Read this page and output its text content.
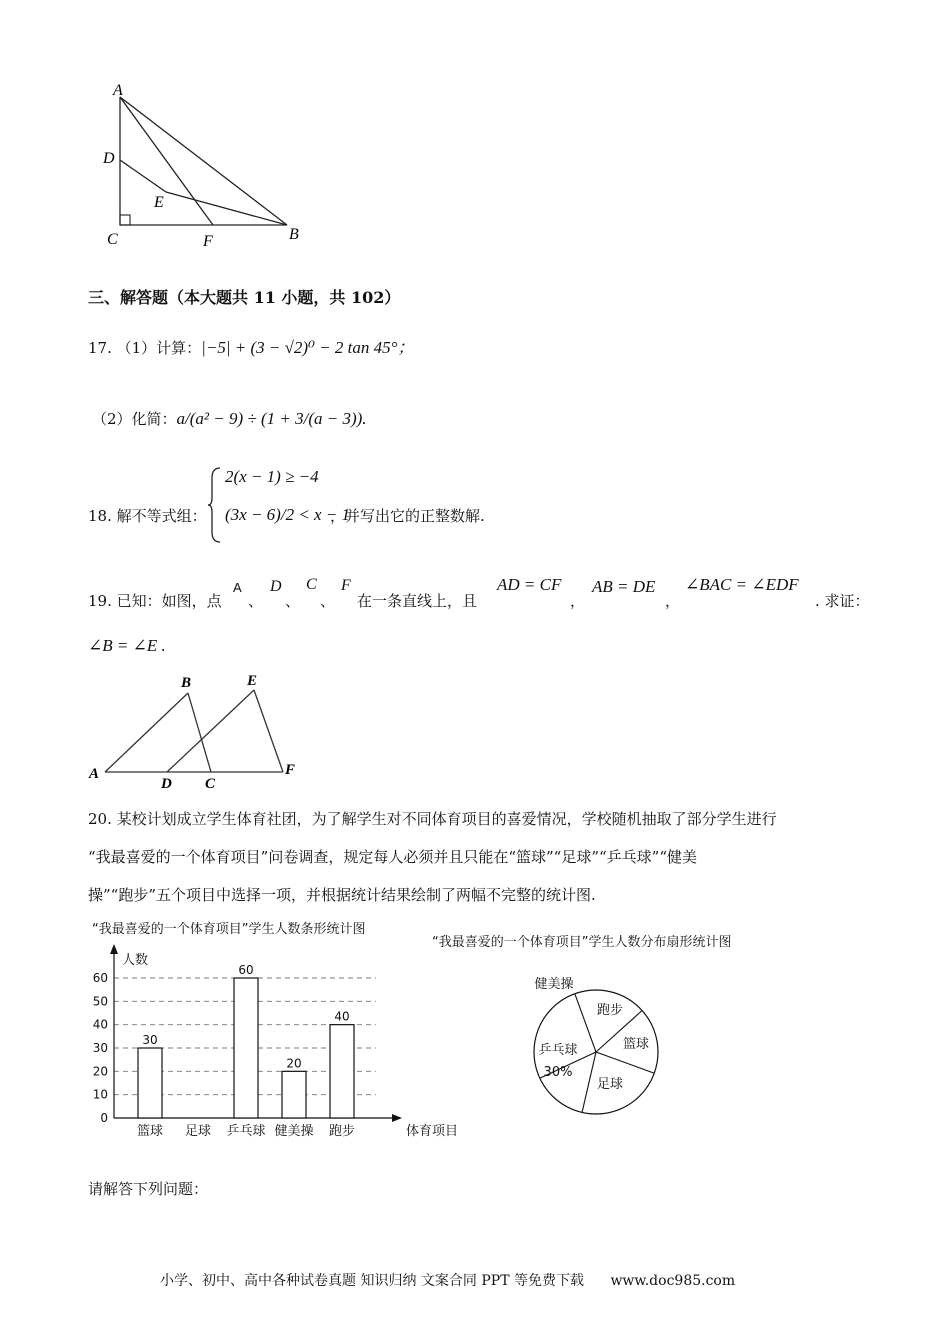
A
D
E
C	F	B
三、解答题（本大题共 11 小题，共 102）
17. （1）计算：|−5| + (3 − √2)⁰ − 2 tan 45°；
（2）化简：a/(a² − 9) ÷ (1 + 3/(a − 3)).
18. 解不等式组：
2(x − 1) ≥ −4
(3x − 6)/2 < x − 1
，并写出它的正整数解.
19. 已知：如图，点
A
、
D
、
C
、
F
在一条直线上，且
AD = CF
，
AB = DE
，
∠BAC = ∠EDF
. 求证：
∠B = ∠E .
A
D C
F
B	E
20. 某校计划成立学生体育社团，为了解学生对不同体育项目的喜爱情况，学校随机抽取了部分学生进行
“我最喜爱的一个体育项目”问卷调查，规定每人必须并且只能在“篮球”“足球”“乒乓球”“健美
操”“跑步”五个项目中选择一项，并根据统计结果绘制了两幅不完整的统计图.
“我最喜爱的一个体育项目”学生人数条形统计图
0
10
20
30
40
50
60
人数
体育项目
30
篮球 足球
60
乒乓球
20
健美操
40
跑步
“我最喜爱的一个体育项目”学生人数分布扇形统计图
跑步
篮球
足球
乒乓球
30%
健美操
请解答下列问题：
小学、初中、高中各种试卷真题 知识归纳 文案合同 PPT 等免费下载 www.doc985.com
